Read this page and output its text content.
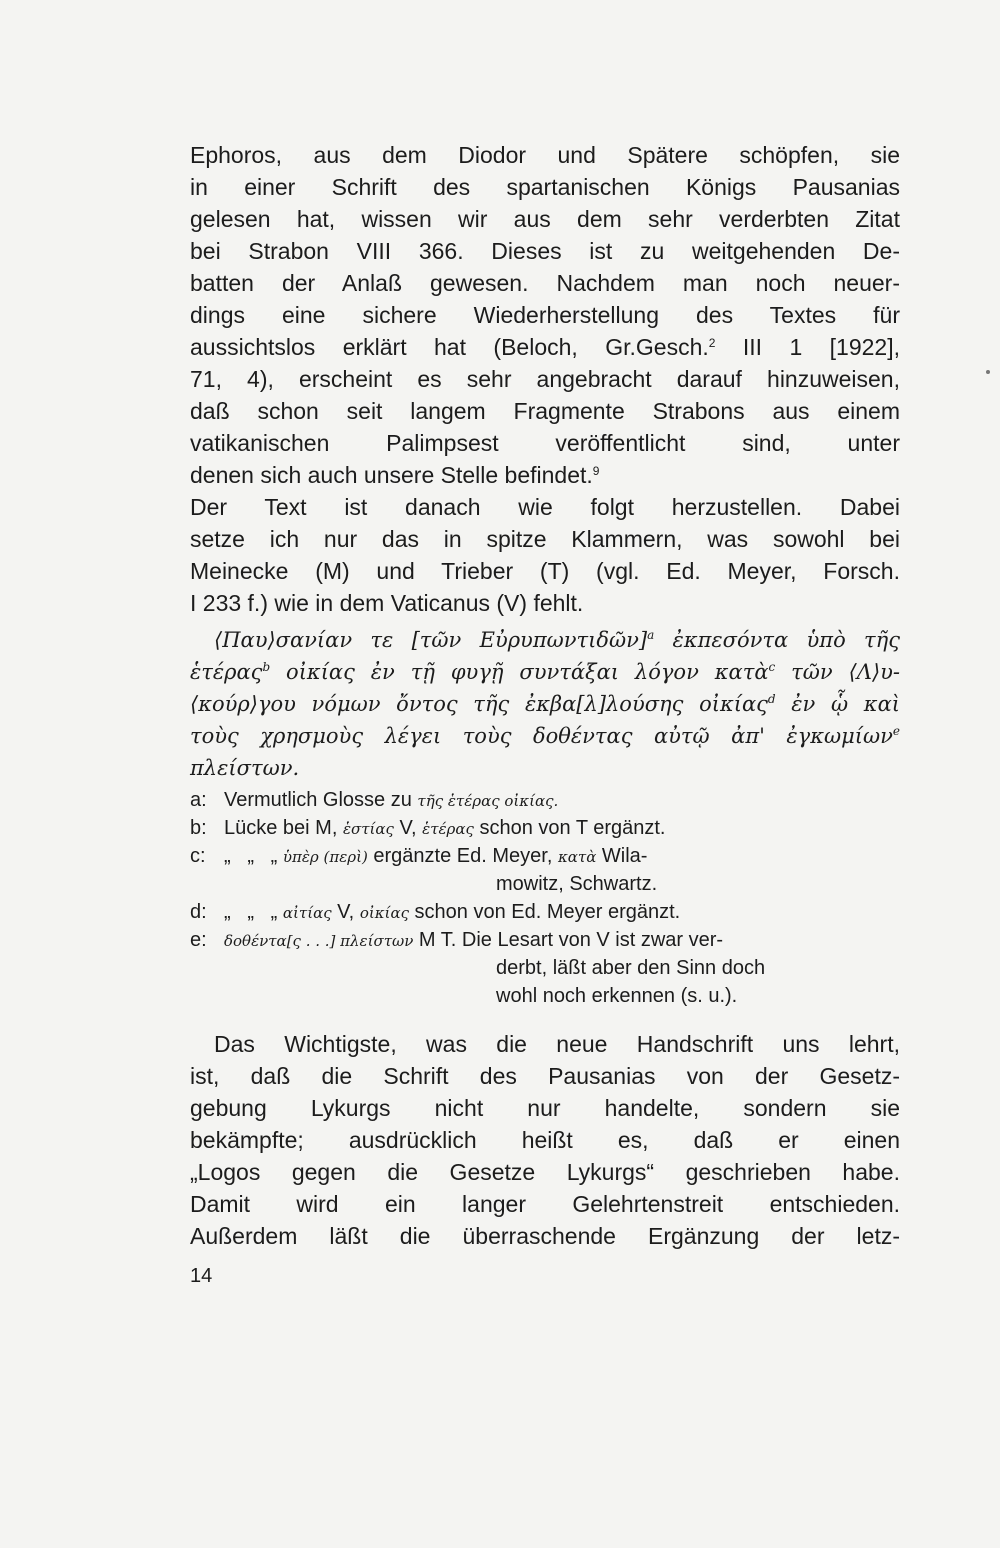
Ephoros, aus dem Diodor und Spätere schöpfen, sie
in einer Schrift des spartanischen Königs Pausanias
gelesen hat, wissen wir aus dem sehr verderbten Zitat
bei Strabon VIII 366. Dieses ist zu weitgehenden De-
batten der Anlaß gewesen. Nachdem man noch neuer-
dings eine sichere Wiederherstellung des Textes für
aussichtslos erklärt hat (Beloch, Gr.Gesch.$^2$ III 1 [1922],
71, 4), erscheint es sehr angebracht darauf hinzuweisen,
daß schon seit langem Fragmente Strabons aus einem
vatikanischen Palimpsest veröffentlicht sind, unter
denen sich auch unsere Stelle befindet.$^9$
Der Text ist danach wie folgt herzustellen. Dabei
setze ich nur das in spitze Klammern, was sowohl bei
Meinecke (M) und Trieber (T) (vgl. Ed. Meyer, Forsch.
I 233 f.) wie in dem Vaticanus (V) fehlt.
⟨Παυ⟩σανίαν τε [τῶν Εὐρυπωντιδῶν]$^a$ ἐκπεσόντα ὑπὸ τῆς
ἑτέρας$^b$ οἰκίας ἐν τῇ φυγῇ συντάξαι λόγον κατὰ$^c$ τῶν ⟨Λ⟩υ-
⟨κούρ⟩γου νόμων ὄντος τῆς ἐκβα[λ]λούσης οἰκίας$^d$ ἐν ᾧ καὶ
τοὺς χρησμοὺς λέγει τοὺς δοθέντας αὐτῷ ἀπ' ἐγκωμίων$^e$
πλείστων.
a: Vermutlich Glosse zu τῆς ἑτέρας οἰκίας.
b: Lücke bei M, ἑστίας V, ἑτέρας schon von T ergänzt.
c: „   „   „ ὑπὲρ (περὶ) ergänzte Ed. Meyer, κατὰ Wila-
mowitz, Schwartz.
d: „   „   „ αἰτίας V, οἰκίας schon von Ed. Meyer ergänzt.
e:	δοθέντα[ς . . .] πλείστων M T. Die Lesart von V ist zwar ver-
derbt, läßt aber den Sinn doch
wohl noch erkennen (s. u.).
Das Wichtigste, was die neue Handschrift uns lehrt,
ist, daß die Schrift des Pausanias von der Gesetz-
gebung Lykurgs nicht nur handelte, sondern sie
bekämpfte; ausdrücklich heißt es, daß er einen
„Logos gegen die Gesetze Lykurgs“ geschrieben habe.
Damit wird ein langer Gelehrtenstreit entschieden.
Außerdem läßt die überraschende Ergänzung der letz-
14
